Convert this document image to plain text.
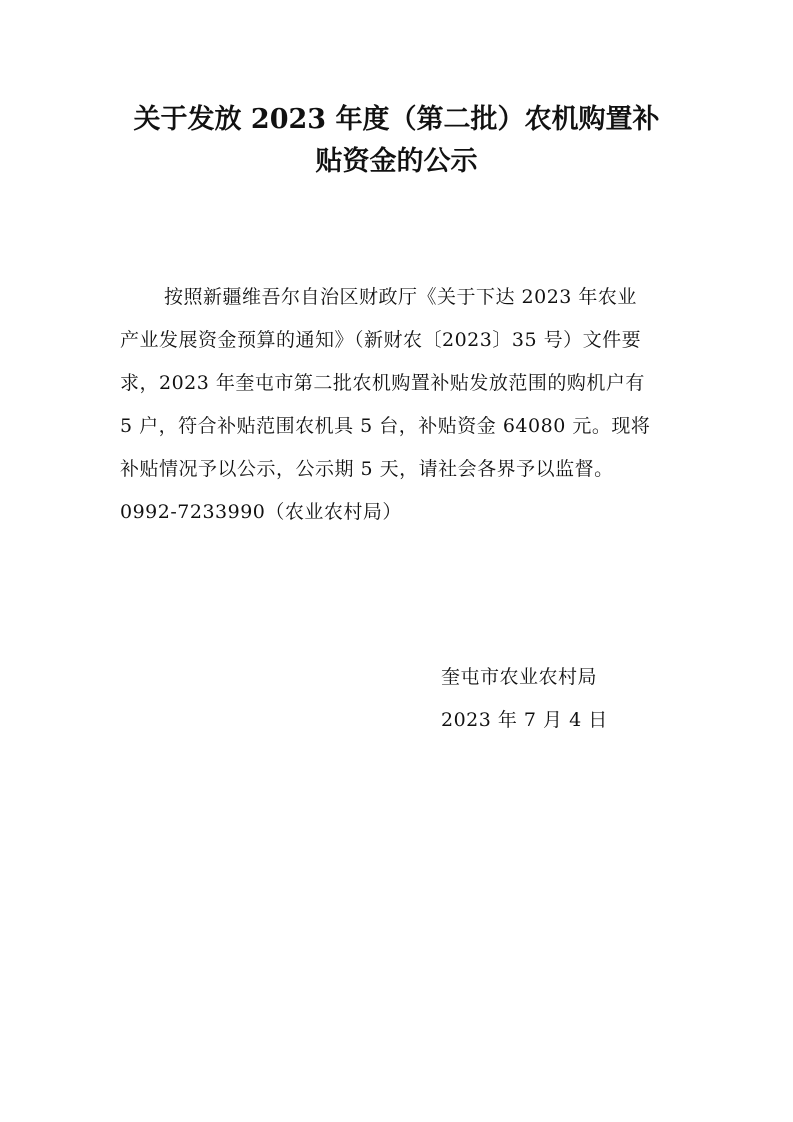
关于发放 2023 年度（第二批）农机购置补
贴资金的公示
按照新疆维吾尔自治区财政厅《关于下达 2023 年农业
产业发展资金预算的通知》（新财农〔2023〕35 号）文件要
求，2023 年奎屯市第二批农机购置补贴发放范围的购机户有
5 户，符合补贴范围农机具 5 台，补贴资金 64080 元。现将
补贴情况予以公示，公示期 5 天，请社会各界予以监督。
0992-7233990（农业农村局）
奎屯市农业农村局
2023 年 7 月 4 日
